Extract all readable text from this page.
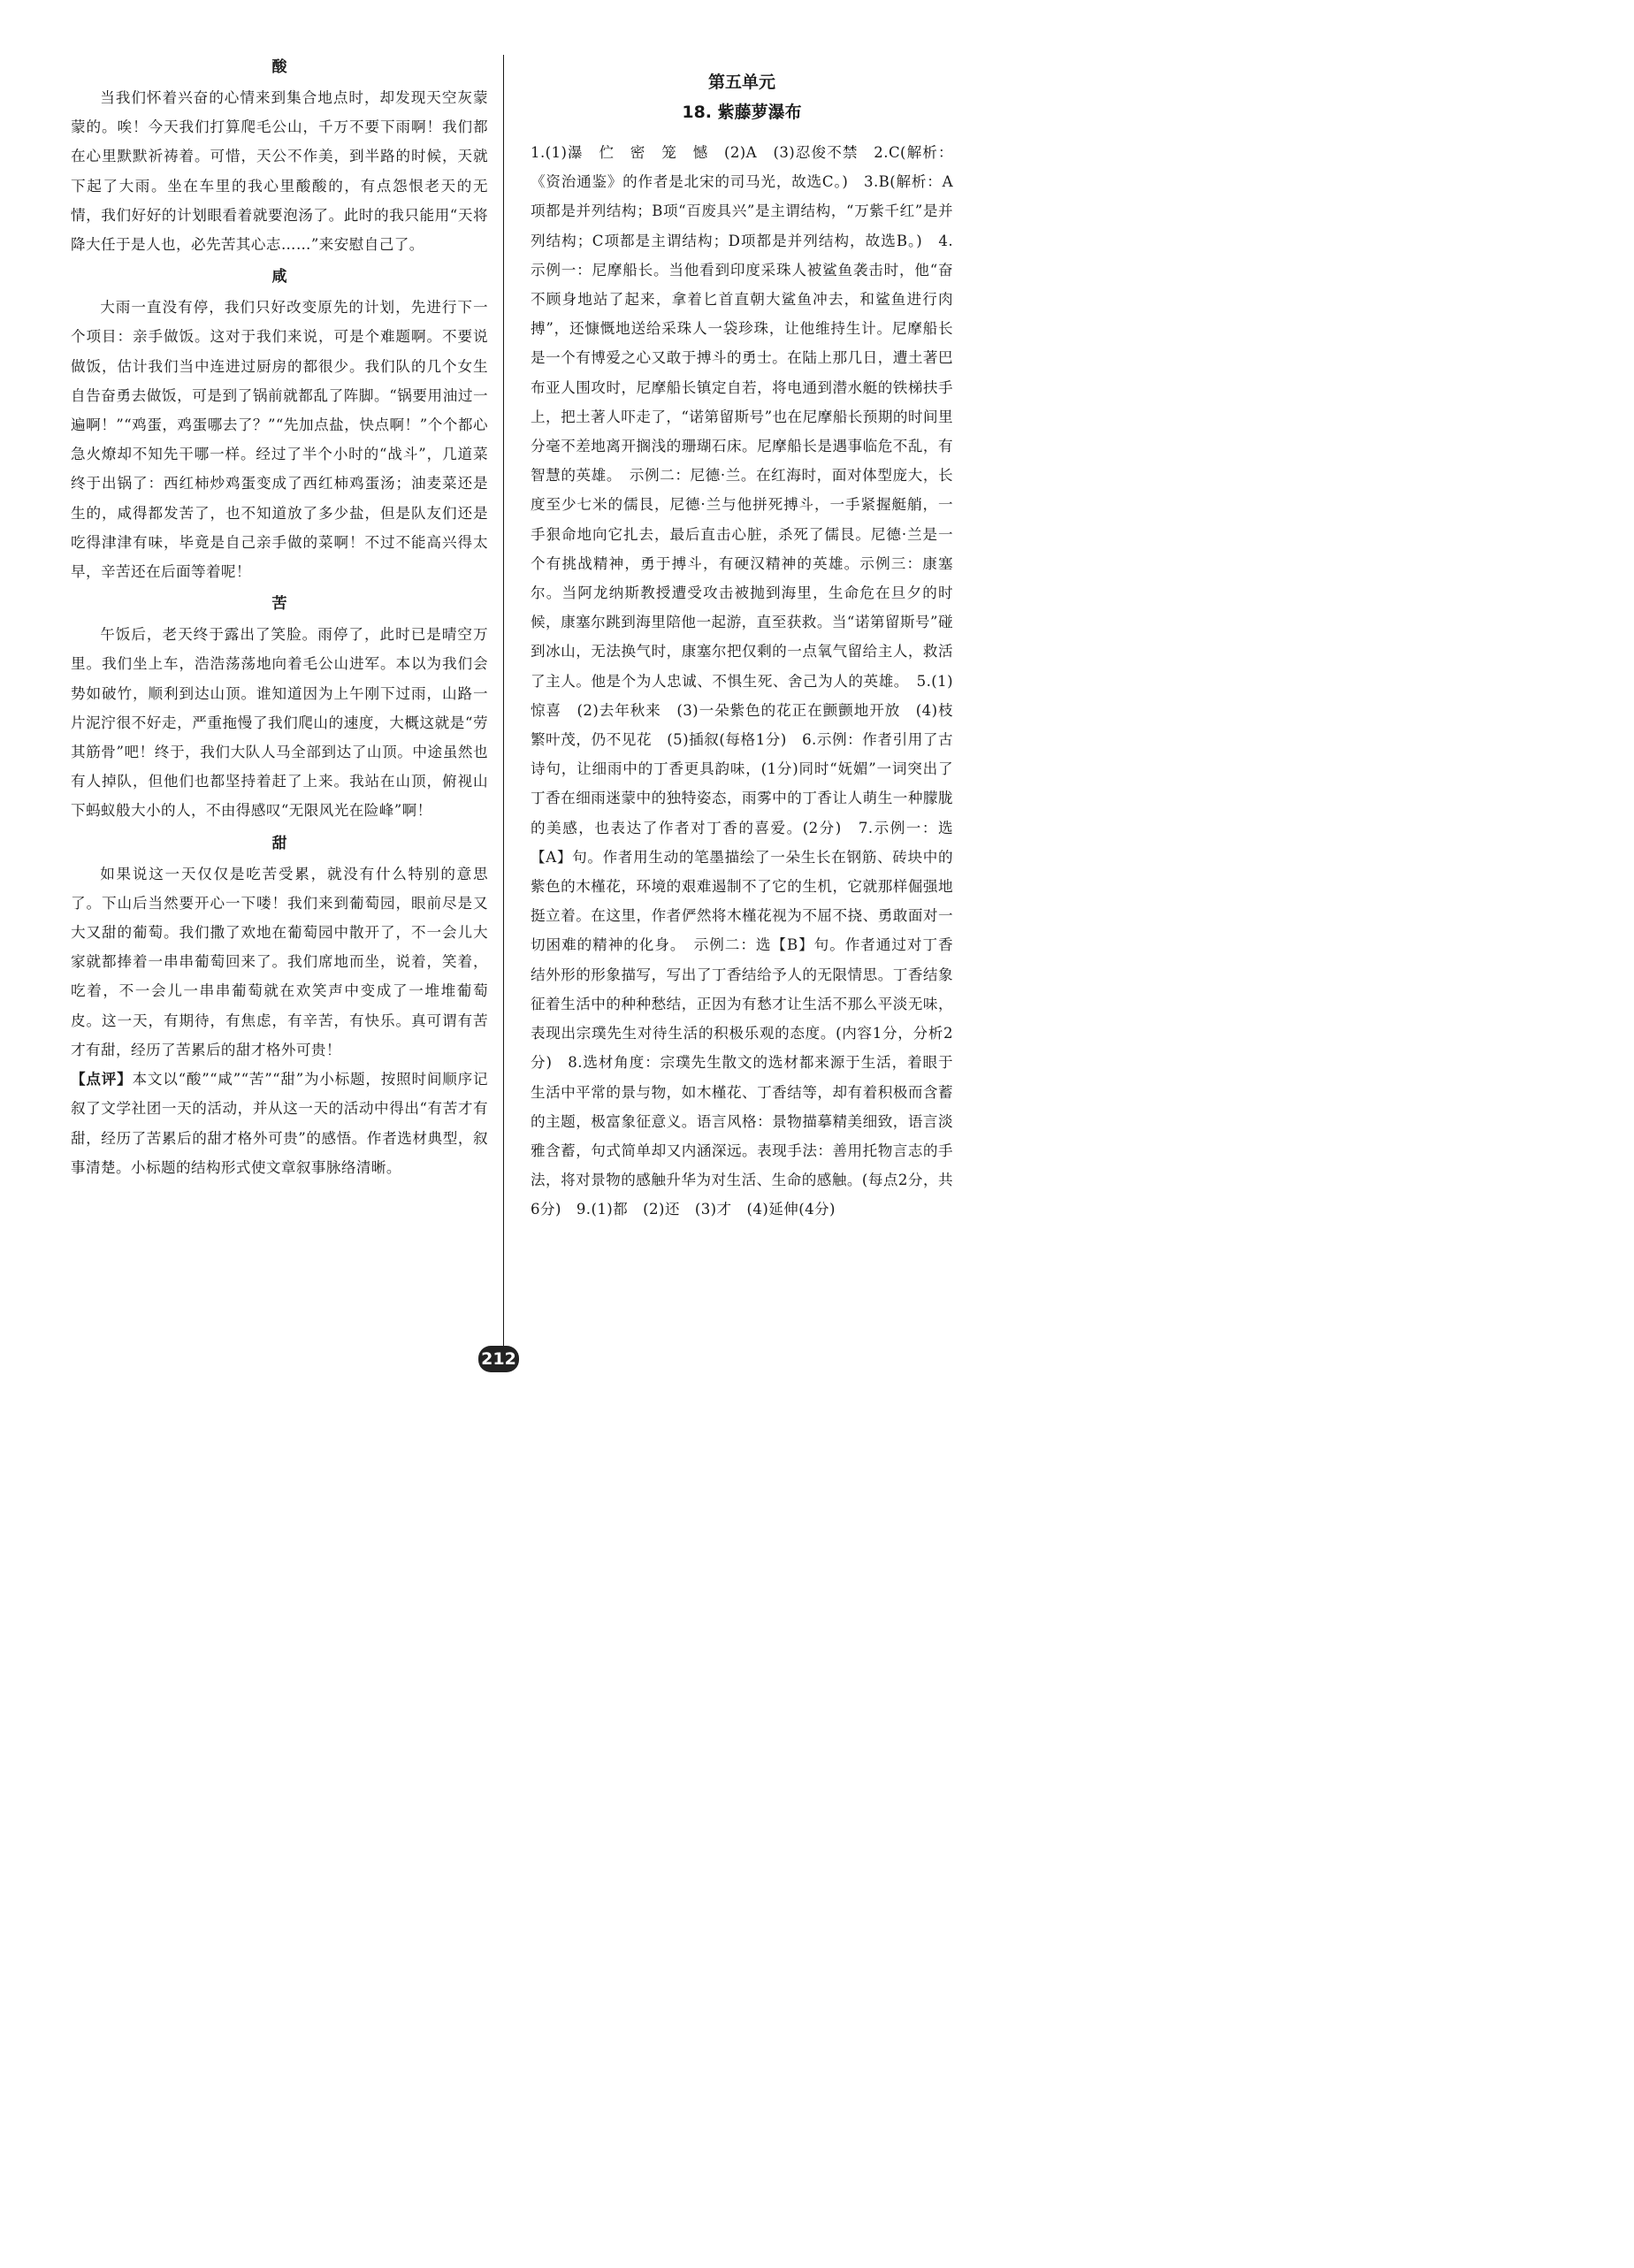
酸

当我们怀着兴奋的心情来到集合地点时，却发现天空灰蒙蒙的。唉！今天我们打算爬毛公山，千万不要下雨啊！我们都在心里默默祈祷着。可惜，天公不作美，到半路的时候，天就下起了大雨。坐在车里的我心里酸酸的，有点怨恨老天的无情，我们好好的计划眼看着就要泡汤了。此时的我只能用“天将降大任于是人也，必先苦其心志……”来安慰自己了。

咸

大雨一直没有停，我们只好改变原先的计划，先进行下一个项目：亲手做饭。这对于我们来说，可是个难题啊。不要说做饭，估计我们当中连进过厨房的都很少。我们队的几个女生自告奋勇去做饭，可是到了锅前就都乱了阵脚。“锅要用油过一遍啊！”“鸡蛋，鸡蛋哪去了？”“先加点盐，快点啊！”个个都心急火燎却不知先干哪一样。经过了半个小时的“战斗”，几道菜终于出锅了：西红柿炒鸡蛋变成了西红柿鸡蛋汤；油麦菜还是生的，咸得都发苦了，也不知道放了多少盐，但是队友们还是吃得津津有味，毕竟是自己亲手做的菜啊！不过不能高兴得太早，辛苦还在后面等着呢！

苦

午饭后，老天终于露出了笑脸。雨停了，此时已是晴空万里。我们坐上车，浩浩荡荡地向着毛公山进军。本以为我们会势如破竹，顺利到达山顶。谁知道因为上午刚下过雨，山路一片泥泞很不好走，严重拖慢了我们爬山的速度，大概这就是“劳其筋骨”吧！终于，我们大队人马全部到达了山顶。中途虽然也有人掉队，但他们也都坚持着赶了上来。我站在山顶，俯视山下蚂蚁般大小的人，不由得感叹“无限风光在险峰”啊！

甜

如果说这一天仅仅是吃苦受累，就没有什么特别的意思了。下山后当然要开心一下喽！我们来到葡萄园，眼前尽是又大又甜的葡萄。我们撒了欢地在葡萄园中散开了，不一会儿大家就都捧着一串串葡萄回来了。我们席地而坐，说着，笑着，吃着，不一会儿一串串葡萄就在欢笑声中变成了一堆堆葡萄皮。这一天，有期待，有焦虑，有辛苦，有快乐。真可谓有苦才有甜，经历了苦累后的甜才格外可贵！

【点评】本文以“酸”“咸”“苦”“甜”为小标题，按照时间顺序记叙了文学社团一天的活动，并从这一天的活动中得出“有苦才有甜，经历了苦累后的甜才格外可贵”的感悟。作者选材典型，叙事清楚。小标题的结构形式使文章叙事脉络清晰。

第五单元
18. 紫藤萝瀑布

1.(1)瀑　伫　密　笼　憾　(2)A　(3)忍俊不禁　2.C(解析：《资治通鉴》的作者是北宋的司马光，故选C。)　3.B(解析：A项都是并列结构；B项“百废具兴”是主谓结构，“万紫千红”是并列结构；C项都是主谓结构；D项都是并列结构，故选B。)　4.示例一：尼摩船长。当他看到印度采珠人被鲨鱼袭击时，他“奋不顾身地站了起来，拿着匕首直朝大鲨鱼冲去，和鲨鱼进行肉搏”，还慷慨地送给采珠人一袋珍珠，让他维持生计。尼摩船长是一个有博爱之心又敢于搏斗的勇士。在陆上那几日，遭土著巴布亚人围攻时，尼摩船长镇定自若，将电通到潜水艇的铁梯扶手上，把土著人吓走了，“诺第留斯号”也在尼摩船长预期的时间里分毫不差地离开搁浅的珊瑚石床。尼摩船长是遇事临危不乱，有智慧的英雄。　示例二：尼德·兰。在红海时，面对体型庞大，长度至少七米的儒艮，尼德·兰与他拼死搏斗，一手紧握艇艄，一手狠命地向它扎去，最后直击心脏，杀死了儒艮。尼德·兰是一个有挑战精神，勇于搏斗，有硬汉精神的英雄。示例三：康塞尔。当阿龙纳斯教授遭受攻击被抛到海里，生命危在旦夕的时候，康塞尔跳到海里陪他一起游，直至获救。当“诺第留斯号”碰到冰山，无法换气时，康塞尔把仅剩的一点氧气留给主人，救活了主人。他是个为人忠诚、不惧生死、舍己为人的英雄。　5.(1)惊喜　(2)去年秋来　(3)一朵紫色的花正在颤颤地开放　(4)枝繁叶茂，仍不见花　(5)插叙(每格1分)　6.示例：作者引用了古诗句，让细雨中的丁香更具韵味，(1分)同时“妩媚”一词突出了丁香在细雨迷蒙中的独特姿态，雨雾中的丁香让人萌生一种朦胧的美感，也表达了作者对丁香的喜爱。(2分)　7.示例一：选【A】句。作者用生动的笔墨描绘了一朵生长在钢筋、砖块中的紫色的木槿花，环境的艰难遏制不了它的生机，它就那样倔强地挺立着。在这里，作者俨然将木槿花视为不屈不挠、勇敢面对一切困难的精神的化身。　示例二：选【B】句。作者通过对丁香结外形的形象描写，写出了丁香结给予人的无限情思。丁香结象征着生活中的种种愁结，正因为有愁才让生活不那么平淡无味，表现出宗璞先生对待生活的积极乐观的态度。(内容1分，分析2分)　8.选材角度：宗璞先生散文的选材都来源于生活，着眼于生活中平常的景与物，如木槿花、丁香结等，却有着积极而含蓄的主题，极富象征意义。语言风格：景物描摹精美细致，语言淡雅含蓄，句式简单却又内涵深远。表现手法：善用托物言志的手法，将对景物的感触升华为对生活、生命的感触。(每点2分，共6分)　9.(1)都　(2)还　(3)才　(4)延伸(4分)

212
